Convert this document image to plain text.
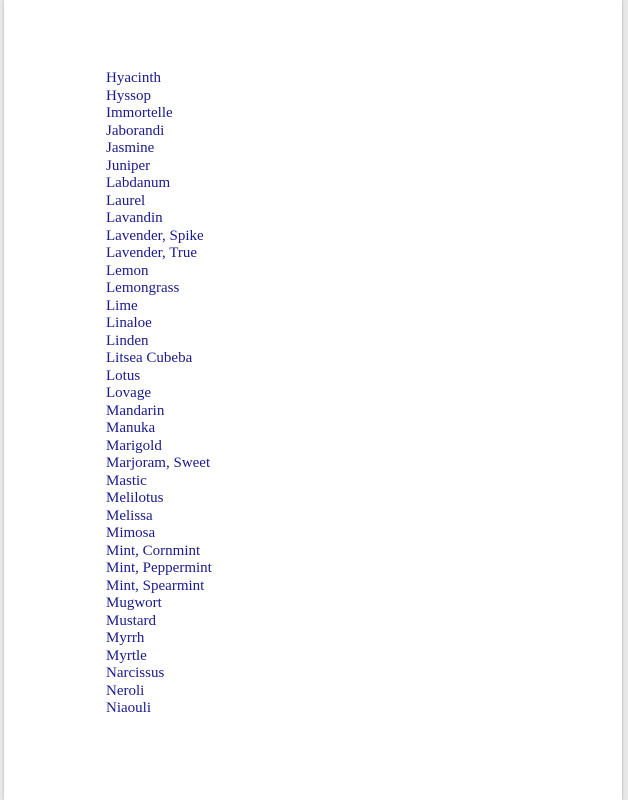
Hyacinth
Hyssop
Immortelle
Jaborandi
Jasmine
Juniper
Labdanum
Laurel
Lavandin
Lavender, Spike
Lavender, True
Lemon
Lemongrass
Lime
Linaloe
Linden
Litsea Cubeba
Lotus
Lovage
Mandarin
Manuka
Marigold
Marjoram, Sweet
Mastic
Melilotus
Melissa
Mimosa
Mint, Cornmint
Mint, Peppermint
Mint, Spearmint
Mugwort
Mustard
Myrrh
Myrtle
Narcissus
Neroli
Niaouli
